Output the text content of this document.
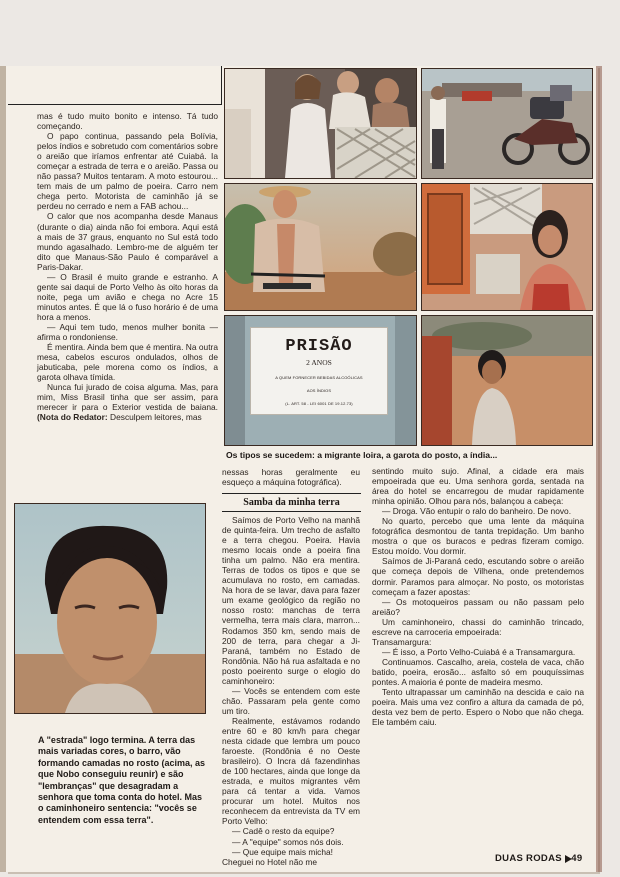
mas é tudo muito bonito e intenso. Tá tudo começando.

O papo continua, passando pela Bolívia, pelos índios e sobretudo com comentários sobre o areião que iríamos enfrentar até Cuiabá. Ia começar a estrada de terra e o areião. Passa ou não passa? Muitos tentaram. A moto estourou... tem mais de um palmo de poeira. Carro nem chega perto. Motorista de caminhão já se perdeu no cerrado e nem a FAB achou...

O calor que nos acompanha desde Manaus (durante o dia) ainda não foi embora. Aqui está a mais de 37 graus, enquanto no Sul está todo mundo agasalhado. Lembro-me de alguém ter dito que Manaus-São Paulo é comparável a Paris-Dakar.

— O Brasil é muito grande e estranho. A gente sai daqui de Porto Velho às oito horas da noite, pega um avião e chega no Acre 15 minutos antes. É que lá o fuso horário é de uma hora a menos.

— Aqui tem tudo, menos mulher bonita — afirma o rondoniense.

É mentira. Ainda bem que é mentira. Na outra mesa, cabelos escuros ondulados, olhos de jabuticaba, pele morena como os índios, a garota olhava tímida.

Nunca fui jurado de coisa alguma. Mas, para mim, Miss Brasil tinha que ser assim, para merecer ir para o Exterior vestida de baiana. (Nota do Redator: Desculpem leitores, mas

PRISÃO
2 ANOS
A QUEM FORNECER BEBIDAS ALCOÓLICAS
AOS ÍNDIOS
(L. ART. 58 - LEI 6001 DE 19.12.73)
Os tipos se sucedem: a migrante loira, a garota do posto, a índia...

nessas horas geralmente eu esqueço a máquina fotográfica).

Samba da minha terra

Saímos de Porto Velho na manhã de quinta-feira. Um trecho de asfalto e a terra chegou. Poeira. Havia mesmo locais onde a poeira fina tinha um palmo. Não era mentira. Terras de todos os tipos e que se acumulava no rosto, em camadas. Na hora de se lavar, dava para fazer um exame geológico da região no nosso rosto: manchas de terra vermelha, terra mais clara, marron... Rodamos 350 km, sendo mais de 200 de terra, para chegar a Ji-Paraná, também no Estado de Rondônia. Não há rua asfaltada e no posto poeirento surge o elogio do caminhoneiro:

— Vocês se entendem com este chão. Passaram pela gente como um tiro.

Realmente, estávamos rodando entre 60 e 80 km/h para chegar nesta cidade que lembra um pouco faroeste. (Rondônia é no Oeste brasileiro). O Incra dá fazendinhas de 100 hectares, ainda que longe da estrada, e muitos migrantes vêm para cá tentar a vida. Vamos procurar um hotel. Muitos nos reconhecem da entrevista da TV em Porto Velho:

— Cadê o resto da equipe?

— A "equipe" somos nós dois.

— Que equipe mais micha!

Cheguei no Hotel não me

sentindo muito sujo. Afinal, a cidade era mais empoeirada que eu. Uma senhora gorda, sentada na área do hotel se encarregou de mudar rapidamente minha opinião. Olhou para nós, balançou a cabeça:

— Droga. Vão entupir o ralo do banheiro. De novo.

No quarto, percebo que uma lente da máquina fotográfica desmontou de tanta trepidação. Um banho mostra o que os buracos e pedras fizeram comigo. Estou moído. Vou dormir.

Saímos de Ji-Paraná cedo, escutando sobre o areião que começa depois de Vilhena, onde pretendemos dormir. Paramos para almoçar. No posto, os motoristas começam a fazer apostas:

— Os motoqueiros passam ou não passam pelo areião?

Um caminhoneiro, chassi do caminhão trincado, escreve na carroceria empoeirada:

Transamargura:

— É isso, a Porto Velho-Cuiabá é a Transamargura.

Continuamos. Cascalho, areia, costela de vaca, chão batido, poeira, erosão... asfalto só em pouquíssimas pontes. A maioria é ponte de madeira mesmo.

Tento ultrapassar um caminhão na descida e caio na poeira. Mais uma vez confiro a altura da camada de pó, desta vez bem de perto. Espero o Nobo que não chega. Ele também caiu.

A "estrada" logo termina. A terra das mais variadas cores, o barro, vão formando camadas no rosto (acima, as que Nobo conseguiu reunir) e são "lembranças" que desagradam a senhora que toma conta do hotel. Mas o caminhoneiro sentencia: "vocês se entendem com essa terra".
DUAS RODAS · 49
